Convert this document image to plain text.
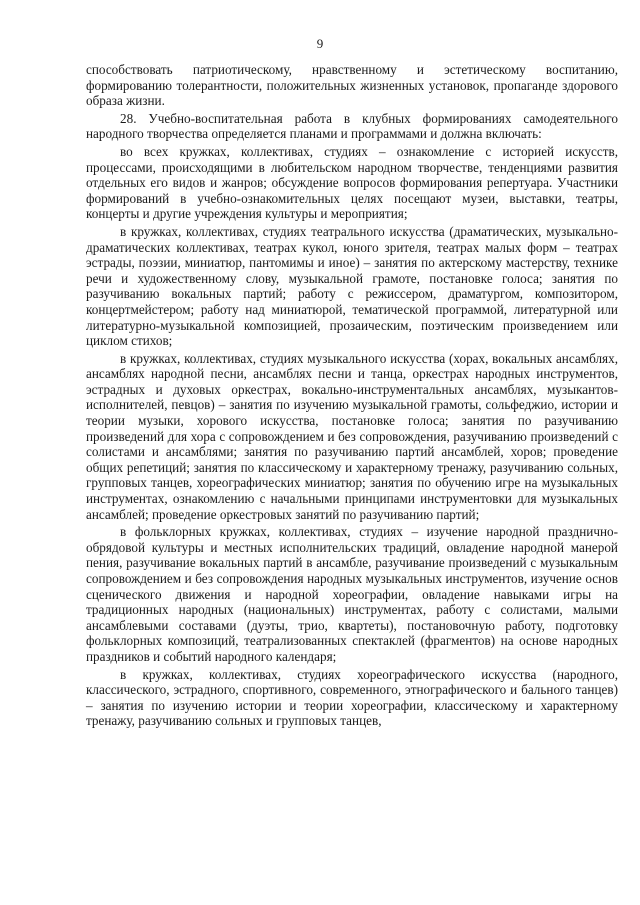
9

способствовать патриотическому, нравственному и эстетическому воспитанию, формированию толерантности, положительных жизненных установок, пропаганде здорового образа жизни.

28. Учебно-воспитательная работа в клубных формированиях самодеятельного народного творчества определяется планами и программами и должна включать:

во всех кружках, коллективах, студиях – ознакомление с историей искусств, процессами, происходящими в любительском народном творчестве, тенденциями развития отдельных его видов и жанров; обсуждение вопросов формирования репертуара. Участники формирований в учебно-ознакомительных целях посещают музеи, выставки, театры, концерты и другие учреждения культуры и мероприятия;

в кружках, коллективах, студиях театрального искусства (драматических, музыкально-драматических коллективах, театрах кукол, юного зрителя, театрах малых форм – театрах эстрады, поэзии, миниатюр, пантомимы и иное) – занятия по актерскому мастерству, технике речи и художественному слову, музыкальной грамоте, постановке голоса; занятия по разучиванию вокальных партий; работу с режиссером, драматургом, композитором, концертмейстером; работу над миниатюрой, тематической программой, литературной или литературно-музыкальной композицией, прозаическим, поэтическим произведением или циклом стихов;

в кружках, коллективах, студиях музыкального искусства (хорах, вокальных ансамблях, ансамблях народной песни, ансамблях песни и танца, оркестрах народных инструментов, эстрадных и духовых оркестрах, вокально-инструментальных ансамблях, музыкантов-исполнителей, певцов) – занятия по изучению музыкальной грамоты, сольфеджио, истории и теории музыки, хорового искусства, постановке голоса; занятия по разучиванию произведений для хора с сопровождением и без сопровождения, разучиванию произведений с солистами и ансамблями; занятия по разучиванию партий ансамблей, хоров; проведение общих репетиций; занятия по классическому и характерному тренажу, разучиванию сольных, групповых танцев, хореографических миниатюр; занятия по обучению игре на музыкальных инструментах, ознакомлению с начальными принципами инструментовки для музыкальных ансамблей; проведение оркестровых занятий по разучиванию партий;

в фольклорных кружках, коллективах, студиях – изучение народной празднично-обрядовой культуры и местных исполнительских традиций, овладение народной манерой пения, разучивание вокальных партий в ансамбле, разучивание произведений с музыкальным сопровождением и без сопровождения народных музыкальных инструментов, изучение основ сценического движения и народной хореографии, овладение навыками игры на традиционных народных (национальных) инструментах, работу с солистами, малыми ансамблевыми составами (дуэты, трио, квартеты), постановочную работу, подготовку фольклорных композиций, театрализованных спектаклей (фрагментов) на основе народных праздников и событий народного календаря;

в кружках, коллективах, студиях хореографического искусства (народного, классического, эстрадного, спортивного, современного, этнографического и бального танцев) – занятия по изучению истории и теории хореографии, классическому и характерному тренажу, разучиванию сольных и групповых танцев,
